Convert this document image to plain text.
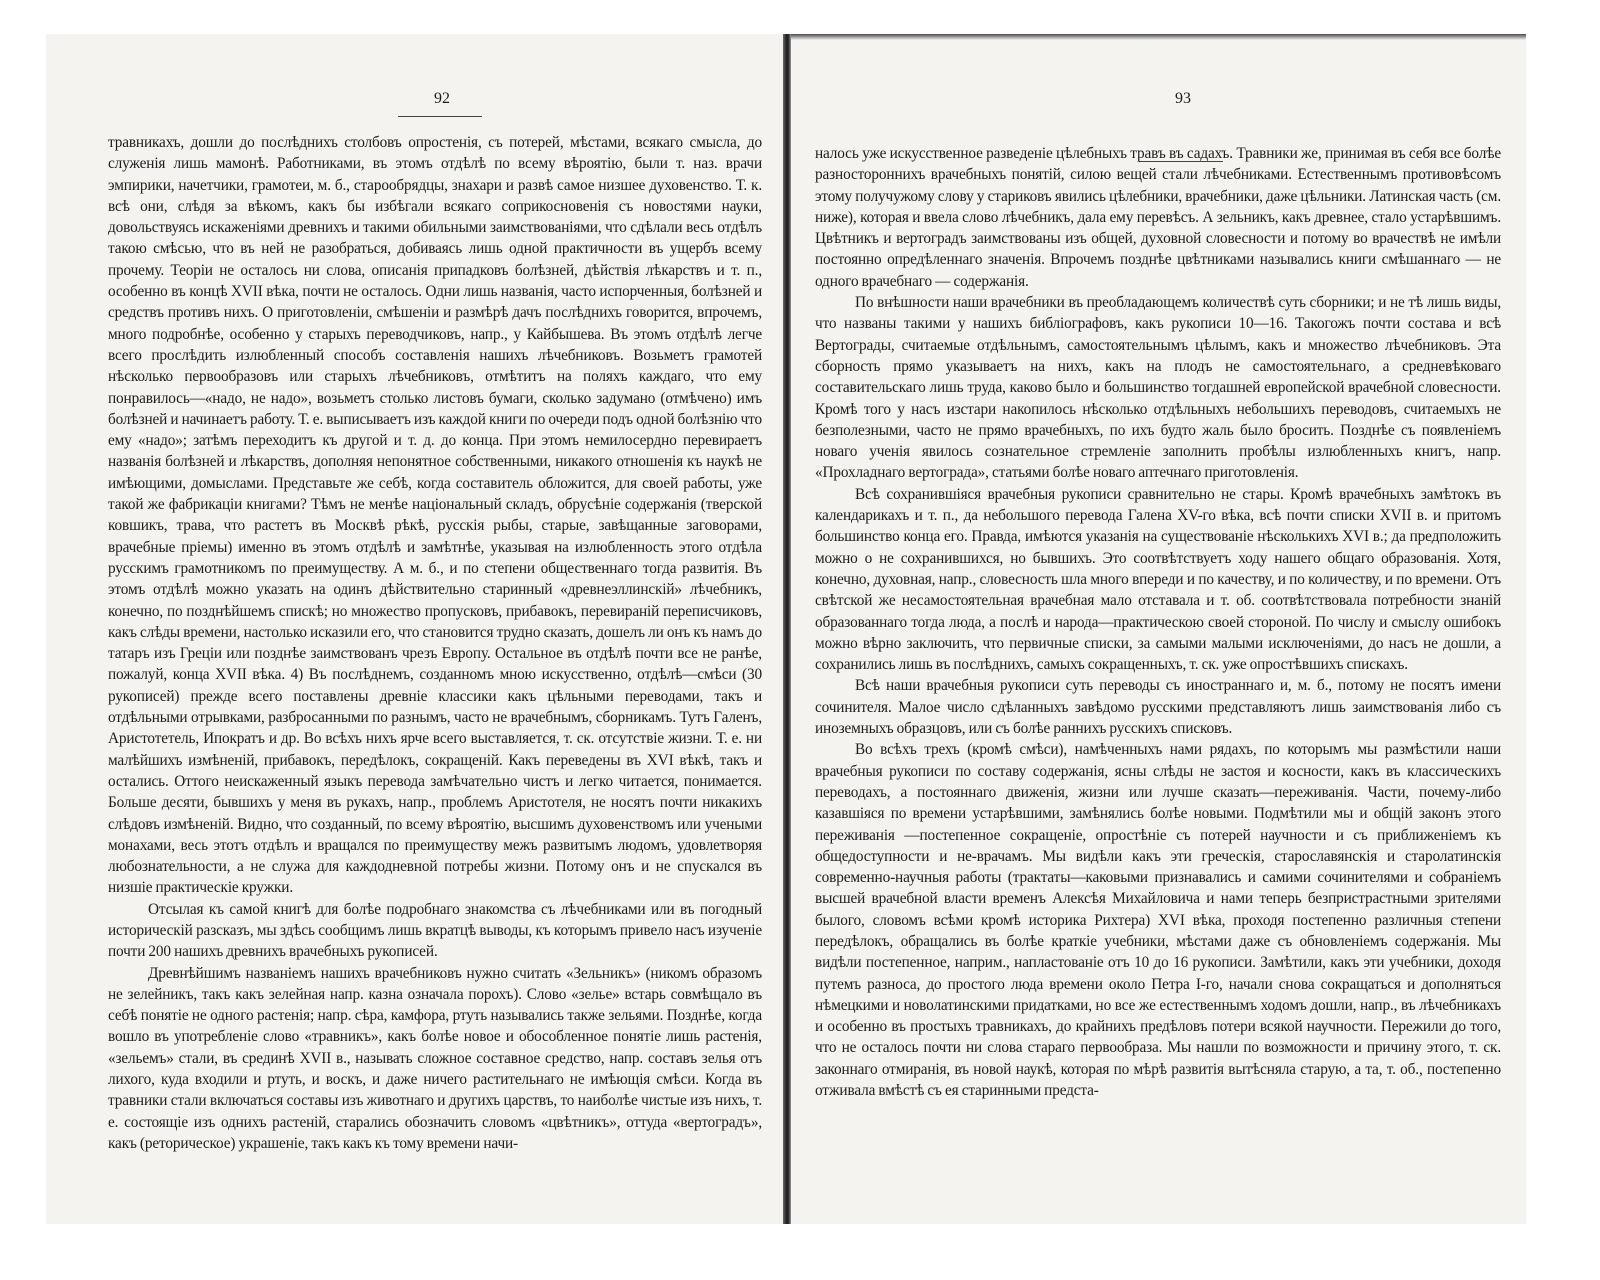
92

травникахъ, дошли до послѣднихъ столбовъ опростенія, съ потерей, мѣстами, всякаго смысла, до служенія лишь мамонѣ. Работниками, въ этомъ отдѣлѣ по всему вѣроятію, были т. наз. врачи эмпирики, начетчики, грамотеи, м. б., старообрядцы, знахари и развѣ самое низшее духовенство. Т. к. всѣ они, слѣдя за вѣкомъ, какъ бы избѣгали всякаго соприкосновенія съ новостями науки, довольствуясь искаженіями древнихъ и такими обильными заимствованіями, что сдѣлали весь отдѣлъ такою смѣсью, что въ ней не разобраться, добиваясь лишь одной практичности въ ущербъ всему прочему. Теоріи не осталось ни слова, описанія припадковъ болѣзней, дѣйствія лѣкарствъ и т. п., особенно въ концѣ XVII вѣка, почти не осталось. Одни лишь названія, часто испорченныя, болѣзней и средствъ противъ нихъ. О приготовленіи, смѣшеніи и размѣрѣ дачъ послѣднихъ говорится, впрочемъ, много подробнѣе, особенно у старыхъ переводчиковъ, напр., у Кайбышева. Въ этомъ отдѣлѣ легче всего прослѣдить излюбленный способъ составленія нашихъ лѣчебниковъ. Возьметъ грамотей нѣсколько первообразовъ или старыхъ лѣчебниковъ, отмѣтитъ на поляхъ каждаго, что ему понравилось—«надо, не надо», возьметъ столько листовъ бумаги, сколько задумано (отмѣчено) имъ болѣзней и начинаетъ работу. Т. е. выписываетъ изъ каждой книги по очереди подъ одной болѣзнію что ему «надо»; затѣмъ переходитъ къ другой и т. д. до конца. При этомъ немилосердно перевираетъ названія болѣзней и лѣкарствъ, дополняя непонятное собственными, никакого отношенія къ наукѣ не имѣющими, домыслами. Представьте же себѣ, когда составитель обложится, для своей работы, уже такой же фабрикаціи книгами? Тѣмъ не менѣе національный складъ, обрусѣніе содержанія (тверской ковшикъ, трава, что растетъ въ Москвѣ рѣкѣ, русскія рыбы, старые, завѣщанные заговорами, врачебные пріемы) именно въ этомъ отдѣлѣ и замѣтнѣе, указывая на излюбленность этого отдѣла русскимъ грамотникомъ по преимуществу. А м. б., и по степени общественнаго тогда развитія. Въ этомъ отдѣлѣ можно указать на одинъ дѣйствительно старинный «древнеэллинскій» лѣчебникъ, конечно, по позднѣйшемъ спискѣ; но множество пропусковъ, прибавокъ, перевираній переписчиковъ, какъ слѣды времени, настолько исказили его, что становится трудно сказать, дошелъ ли онъ къ намъ до татаръ изъ Греціи или позднѣе заимствованъ чрезъ Европу. Остальное въ отдѣлѣ почти все не ранѣе, пожалуй, конца XVII вѣка. 4) Въ послѣднемъ, созданномъ мною искусственно, отдѣлѣ—смѣси (30 рукописей) прежде всего поставлены древніе классики какъ цѣльными переводами, такъ и отдѣльными отрывками, разбросанными по разнымъ, часто не врачебнымъ, сборникамъ. Тутъ Галенъ, Аристотетель, Ипократъ и др. Во всѣхъ нихъ ярче всего выставляется, т. ск. отсутствіе жизни. Т. е. ни малѣйшихъ измѣненій, прибавокъ, передѣлокъ, сокращеній. Какъ переведены въ XVI вѣкѣ, такъ и остались. Оттого неискаженный языкъ перевода замѣчательно чистъ и легко читается, понимается. Больше десяти, бывшихъ у меня въ рукахъ, напр., проблемъ Аристотеля, не носятъ почти никакихъ слѣдовъ измѣненій. Видно, что созданный, по всему вѣроятію, высшимъ духовенствомъ или учеными монахами, весь этотъ отдѣлъ и вращался по преимуществу межъ развитымъ людомъ, удовлетворяя любознательности, а не служа для каждодневной потребы жизни. Потому онъ и не спускался въ низшіе практическіе кружки.

Отсылая къ самой книгѣ для болѣе подробнаго знакомства съ лѣчебниками или въ погодный историческій разсказъ, мы здѣсь сообщимъ лишь вкратцѣ выводы, къ которымъ привело насъ изученіе почти 200 нашихъ древнихъ врачебныхъ рукописей.

Древнѣйшимъ названіемъ нашихъ врачебниковъ нужно считать «Зельникъ» (никомъ образомъ не зелейникъ, такъ какъ зелейная напр. казна означала порохъ). Слово «зелье» встарь совмѣщало въ себѣ понятіе не одного растенія; напр. сѣра, камфора, ртуть назывались также зельями. Позднѣе, когда вошло въ употребленіе слово «травникъ», какъ болѣе новое и обособленное понятіе лишь растенія, «зельемъ» стали, въ срединѣ XVII в., называть сложное составное средство, напр. составъ зелья отъ лихого, куда входили и ртуть, и воскъ, и даже ничего растительнаго не имѣющія смѣси. Когда въ травники стали включаться составы изъ животнаго и другихъ царствъ, то наиболѣе чистые изъ нихъ, т. е. состоящіе изъ однихъ растеній, старались обозначить словомъ «цвѣтникъ», оттуда «вертоградъ», какъ (реторическое) украшеніе, такъ какъ къ тому времени начи-

93

налось уже искусственное разведеніе цѣлебныхъ травъ въ садахъ. Травники же, принимая въ себя все болѣе разностороннихъ врачебныхъ понятій, силою вещей стали лѣчебниками. Естественнымъ противовѣсомъ этому получужому слову у стариковъ явились цѣлебники, врачебники, даже цѣльники. Латинская часть (см. ниже), которая и ввела слово лѣчебникъ, дала ему перевѣсъ. А зельникъ, какъ древнее, стало устарѣвшимъ. Цвѣтникъ и вертоградъ заимствованы изъ общей, духовной словесности и потому во врачествѣ не имѣли постоянно опредѣленнаго значенія. Впрочемъ позднѣе цвѣтниками назывались книги смѣшаннаго — не одного врачебнаго — содержанія.

По внѣшности наши врачебники въ преобладающемъ количествѣ суть сборники; и не тѣ лишь виды, что названы такими у нашихъ библіографовъ, какъ рукописи 10—16. Такогожъ почти состава и всѣ Вертограды, считаемые отдѣльнымъ, самостоятельнымъ цѣлымъ, какъ и множество лѣчебниковъ. Эта сборность прямо указываетъ на нихъ, какъ на плодъ не самостоятельнаго, а средневѣковаго составительскаго лишь труда, каково было и большинство тогдашней европейской врачебной словесности. Кромѣ того у насъ изстари накопилось нѣсколько отдѣльныхъ небольшихъ переводовъ, считаемыхъ не безполезными, часто не прямо врачебныхъ, по ихъ будто жаль было бросить. Позднѣе съ появленіемъ новаго ученія явилось сознательное стремленіе заполнить пробѣлы излюбленныхъ книгъ, напр. «Прохладнаго вертограда», статьями болѣе новаго аптечнаго приготовленія.

Всѣ сохранившіяся врачебныя рукописи сравнительно не стары. Кромѣ врачебныхъ замѣтокъ въ календарикахъ и т. п., да небольшого перевода Галена XV-го вѣка, всѣ почти списки XVII в. и притомъ большинство конца его. Правда, имѣются указанія на существованіе нѣсколькихъ XVI в.; да предположить можно о не сохранившихся, но бывшихъ. Это соотвѣтствуетъ ходу нашего общаго образованія. Хотя, конечно, духовная, напр., словесность шла много впереди и по качеству, и по количеству, и по времени. Отъ свѣтской же несамостоятельная врачебная мало отставала и т. об. соотвѣтствовала потребности знаній образованнаго тогда люда, а послѣ и народа—практическою своей стороной. По числу и смыслу ошибокъ можно вѣрно заключить, что первичные списки, за самыми малыми исключеніями, до насъ не дошли, а сохранились лишь въ послѣднихъ, самыхъ сокращенныхъ, т. ск. уже опростѣвшихъ спискахъ.

Всѣ наши врачебныя рукописи суть переводы съ иностраннаго и, м. б., потому не посятъ имени сочинителя. Малое число сдѣланныхъ завѣдомо русскими представляютъ лишь заимствованія либо съ иноземныхъ образцовъ, или съ болѣе раннихъ русскихъ списковъ.

Во всѣхъ трехъ (кромѣ смѣси), намѣченныхъ нами рядахъ, по которымъ мы размѣстили наши врачебныя рукописи по составу содержанія, ясны слѣды не застоя и косности, какъ въ классическихъ переводахъ, а постояннаго движенія, жизни или лучше сказать—переживанія. Части, почему-либо казавшіяся по времени устарѣвшими, замѣнялись болѣе новыми. Подмѣтили мы и общій законъ этого переживанія —постепенное сокращеніе, опростѣніе съ потерей научности и съ приближеніемъ къ общедоступности и не-врачамъ. Мы видѣли какъ эти греческія, старославянскія и старолатинскія современно-научныя работы (трактаты—каковыми признавались и самими сочинителями и собраніемъ высшей врачебной власти временъ Алексѣя Михайловича и нами теперь безпристрастными зрителями былого, словомъ всѣми кромѣ историка Рихтера) XVI вѣка, проходя постепенно различныя степени передѣлокъ, обращались въ болѣе краткіе учебники, мѣстами даже съ обновленіемъ содержанія. Мы видѣли постепенное, наприм., напластованіе отъ 10 до 16 рукописи. Замѣтили, какъ эти учебники, доходя путемъ разноса, до простого люда времени около Петра I-го, начали снова сокращаться и дополняться нѣмецкими и новолатинскими придатками, но все же естественнымъ ходомъ дошли, напр., въ лѣчебникахъ и особенно въ простыхъ травникахъ, до крайнихъ предѣловъ потери всякой научности. Пережили до того, что не осталось почти ни слова стараго первообраза. Мы нашли по возможности и причину этого, т. ск. законнаго отмиранія, въ новой наукѣ, которая по мѣрѣ развитія вытѣсняла старую, а та, т. об., постепенно отживала вмѣстѣ съ ея старинными предста-
